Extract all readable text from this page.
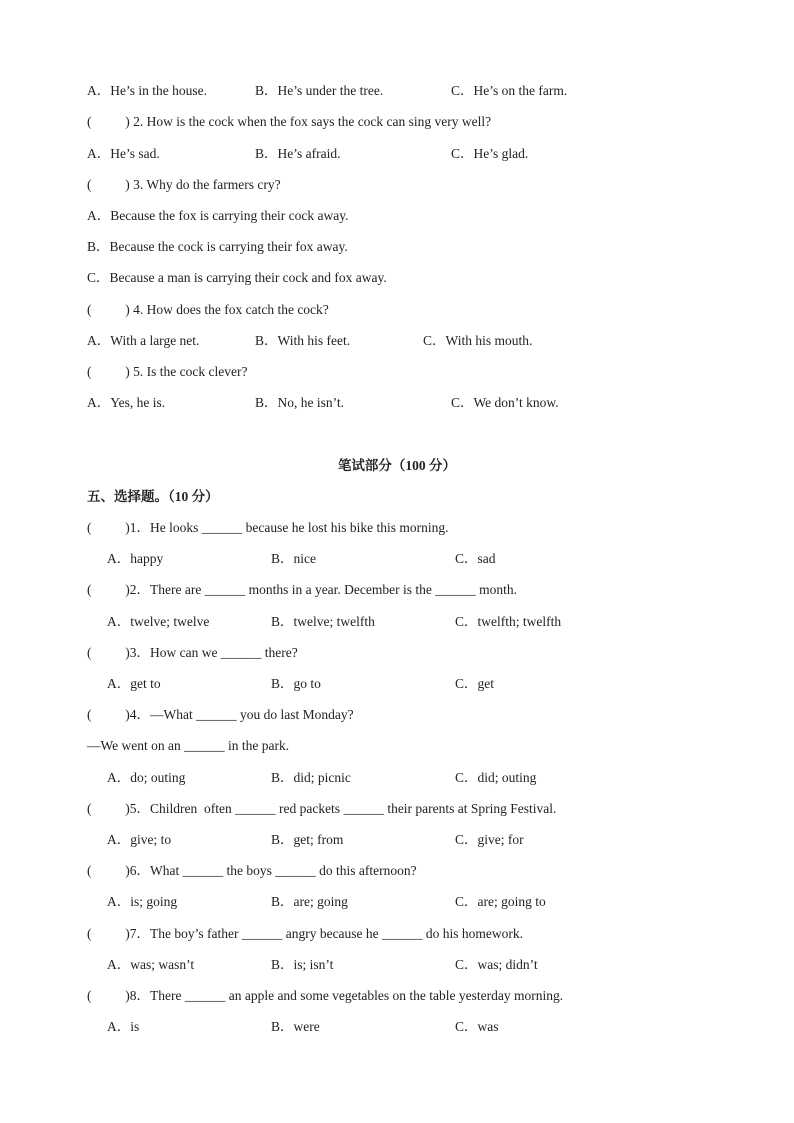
A．He’s in the house.	B．He’s under the tree.	C．He’s on the farm.
(          ) 2. How is the cock when the fox says the cock can sing very well?
A．He’s sad.	B．He’s afraid.	C．He’s glad.
(          ) 3. Why do the farmers cry?
A．Because the fox is carrying their cock away.
B．Because the cock is carrying their fox away.
C．Because a man is carrying their cock and fox away.
(          ) 4. How does the fox catch the cock?
A．With a large net.	B．With his feet.	C．With his mouth.
(          ) 5. Is the cock clever?
A．Yes, he is.	B．No, he isn’t.	C．We don’t know.
笔试部分（100 分）
五、选择题。（10 分）
(          )1．He looks ______ because he lost his bike this morning.
A．happy	B．nice	C．sad
(          )2．There are ______ months in a year. December is the ______ month.
A．twelve; twelve	B．twelve; twelfth	C．twelfth; twelfth
(          )3．How can we ______ there?
A．get to	B．go to	C．get
(          )4．—What ______ you do last Monday?
—We went on an ______ in the park.
A．do; outing	B．did; picnic	C．did; outing
(          )5．Children  often ______ red packets ______ their parents at Spring Festival.
A．give; to	B．get; from	C．give; for
(          )6．What ______ the boys ______ do this afternoon?
A．is; going	B．are; going	C．are; going to
(          )7．The boy’s father ______ angry because he ______ do his homework.
A．was; wasn’t	B．is; isn’t	C．was; didn’t
(          )8．There ______ an apple and some vegetables on the table yesterday morning.
A．is	B．were	C．was
